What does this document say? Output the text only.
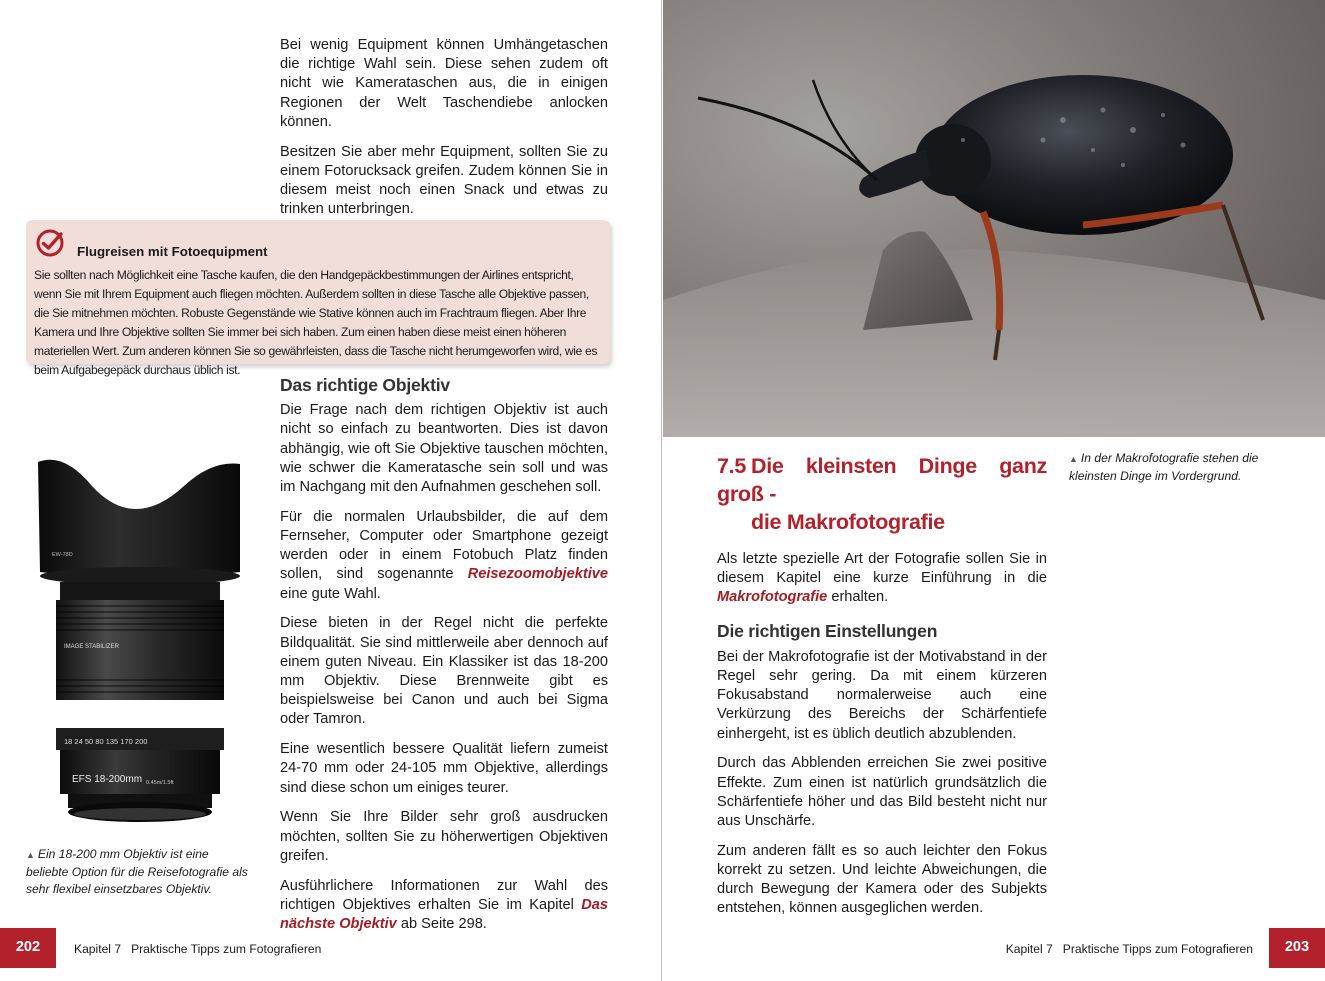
Bei wenig Equipment können Umhängetaschen die richtige Wahl sein. Diese sehen zudem oft nicht wie Kamerataschen aus, die in einigen Regionen der Welt Taschendiebe anlocken können.

Besitzen Sie aber mehr Equipment, sollten Sie zu einem Fotorucksack greifen. Zudem können Sie in diesem meist noch einen Snack und etwas zu trinken unterbringen.

Flugreisen mit Fotoequipment
Sie sollten nach Möglichkeit eine Tasche kaufen, die den Handgepäckbestimmungen der Airlines entspricht, wenn Sie mit Ihrem Equipment auch fliegen möchten. Außerdem sollten in diese Tasche alle Objektive passen, die Sie mitnehmen möchten. Robuste Gegenstände wie Stative können auch im Frachtraum fliegen. Aber Ihre Kamera und Ihre Objektive sollten Sie immer bei sich haben. Zum einen haben diese meist einen höheren materiellen Wert. Zum anderen können Sie so gewährleisten, dass die Tasche nicht herumgeworfen wird, wie es beim Aufgabegepäck durchaus üblich ist.
Das richtige Objektiv

Die Frage nach dem richtigen Objektiv ist auch nicht so einfach zu beantworten. Dies ist davon abhängig, wie oft Sie Objektive tauschen möchten, wie schwer die Kameratasche sein soll und was im Nachgang mit den Aufnahmen geschehen soll.

Für die normalen Urlaubsbilder, die auf dem Fernseher, Computer oder Smartphone gezeigt werden oder in einem Fotobuch Platz finden sollen, sind sogenannte Reisezoomobjektive eine gute Wahl.

Diese bieten in der Regel nicht die perfekte Bildqualität. Sie sind mittlerweile aber dennoch auf einem guten Niveau. Ein Klassiker ist das 18-200 mm Objektiv. Diese Brennweite gibt es beispielsweise bei Canon und auch bei Sigma oder Tamron.

Eine wesentlich bessere Qualität liefern zumeist 24-70 mm oder 24-105 mm Objektive, allerdings sind diese schon um einiges teurer.

Wenn Sie Ihre Bilder sehr groß ausdrucken möchten, sollten Sie zu höherwertigen Objektiven greifen.

Ausführlichere Informationen zur Wahl des richtigen Objektives erhalten Sie im Kapitel Das nächste Objektiv ab Seite 298.

EW-78D
IMAGE STABILIZER
18 24 50 80 135 170 200
EFS 18-200mm 0.45m/1.5ft
▲ Ein 18-200 mm Objektiv ist eine beliebte Option für die Reisefotografie als sehr flexibel einsetzbares Objektiv.
202	Kapitel 7 Praktische Tipps zum Fotografieren
7.5 Die kleinsten Dinge ganz groß -
die Makrofotografie

Als letzte spezielle Art der Fotografie sollen Sie in diesem Kapitel eine kurze Einführung in die Makrofotografie erhalten.

Die richtigen Einstellungen

Bei der Makrofotografie ist der Motivabstand in der Regel sehr gering. Da mit einem kürzeren Fokusabstand normalerweise auch eine Verkürzung des Bereichs der Schärfentiefe einhergeht, ist es üblich deutlich abzublenden.

Durch das Abblenden erreichen Sie zwei positive Effekte. Zum einen ist natürlich grundsätzlich die Schärfentiefe höher und das Bild besteht nicht nur aus Unschärfe.

Zum anderen fällt es so auch leichter den Fokus korrekt zu setzen. Und leichte Abweichungen, die durch Bewegung der Kamera oder des Subjekts entstehen, können ausgeglichen werden.

▲ In der Makrofotografie stehen die kleinsten Dinge im Vordergrund.
Kapitel 7 Praktische Tipps zum Fotografieren	203
